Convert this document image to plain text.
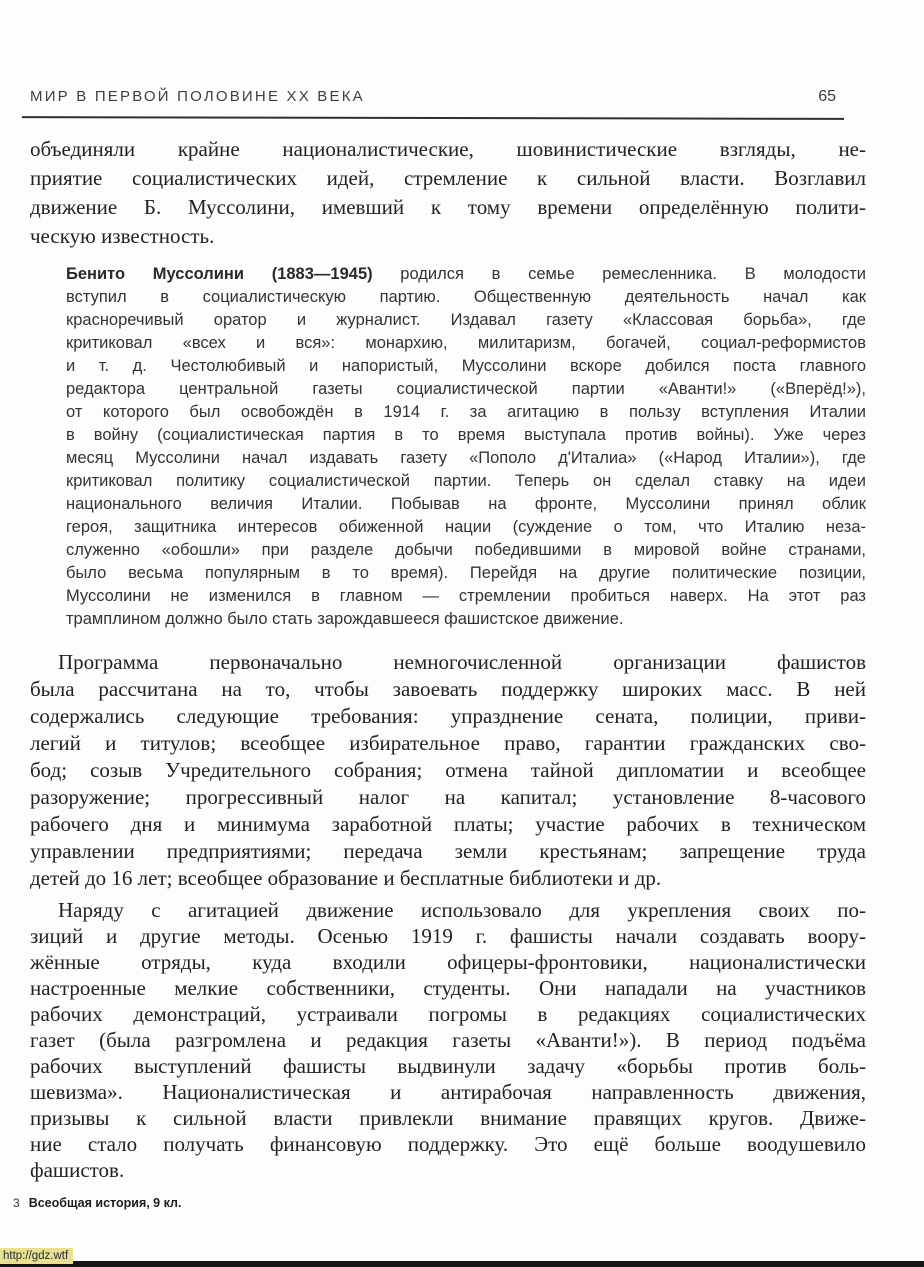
МИР В ПЕРВОЙ ПОЛОВИНЕ XX ВЕКА	65
объединяли крайне националистические, шовинистические взгляды, не-
приятие социалистических идей, стремление к сильной власти. Возглавил
движение Б. Муссолини, имевший к тому времени определённую полити-
ческую известность.
Бенито Муссолини (1883—1945) родился в семье ремесленника. В молодости
вступил в социалистическую партию. Общественную деятельность начал как
красноречивый оратор и журналист. Издавал газету «Классовая борьба», где
критиковал «всех и вся»: монархию, милитаризм, богачей, социал-реформистов
и т. д. Честолюбивый и напористый, Муссолини вскоре добился поста главного
редактора центральной газеты социалистической партии «Аванти!» («Вперёд!»),
от которого был освобождён в 1914 г. за агитацию в пользу вступления Италии
в войну (социалистическая партия в то время выступала против войны). Уже через
месяц Муссолини начал издавать газету «Пополо д'Италиа» («Народ Италии»), где
критиковал политику социалистической партии. Теперь он сделал ставку на идеи
национального величия Италии. Побывав на фронте, Муссолини принял облик
героя, защитника интересов обиженной нации (суждение о том, что Италию неза-
служенно «обошли» при разделе добычи победившими в мировой войне странами,
было весьма популярным в то время). Перейдя на другие политические позиции,
Муссолини не изменился в главном — стремлении пробиться наверх. На этот раз
трамплином должно было стать зарождавшееся фашистское движение.
Программа первоначально немногочисленной организации фашистов
была рассчитана на то, чтобы завоевать поддержку широких масс. В ней
содержались следующие требования: упразднение сената, полиции, приви-
легий и титулов; всеобщее избирательное право, гарантии гражданских сво-
бод; созыв Учредительного собрания; отмена тайной дипломатии и всеобщее
разоружение; прогрессивный налог на капитал; установление 8-часового
рабочего дня и минимума заработной платы; участие рабочих в техническом
управлении предприятиями; передача земли крестьянам; запрещение труда
детей до 16 лет; всеобщее образование и бесплатные библиотеки и др.
Наряду с агитацией движение использовало для укрепления своих по-
зиций и другие методы. Осенью 1919 г. фашисты начали создавать воору-
жённые отряды, куда входили офицеры-фронтовики, националистически
настроенные мелкие собственники, студенты. Они нападали на участников
рабочих демонстраций, устраивали погромы в редакциях социалистических
газет (была разгромлена и редакция газеты «Аванти!»). В период подъёма
рабочих выступлений фашисты выдвинули задачу «борьбы против боль-
шевизма». Националистическая и антирабочая направленность движения,
призывы к сильной власти привлекли внимание правящих кругов. Движе-
ние стало получать финансовую поддержку. Это ещё больше воодушевило
фашистов.
3 Всеобщая история, 9 кл.
http://gdz.wtf
